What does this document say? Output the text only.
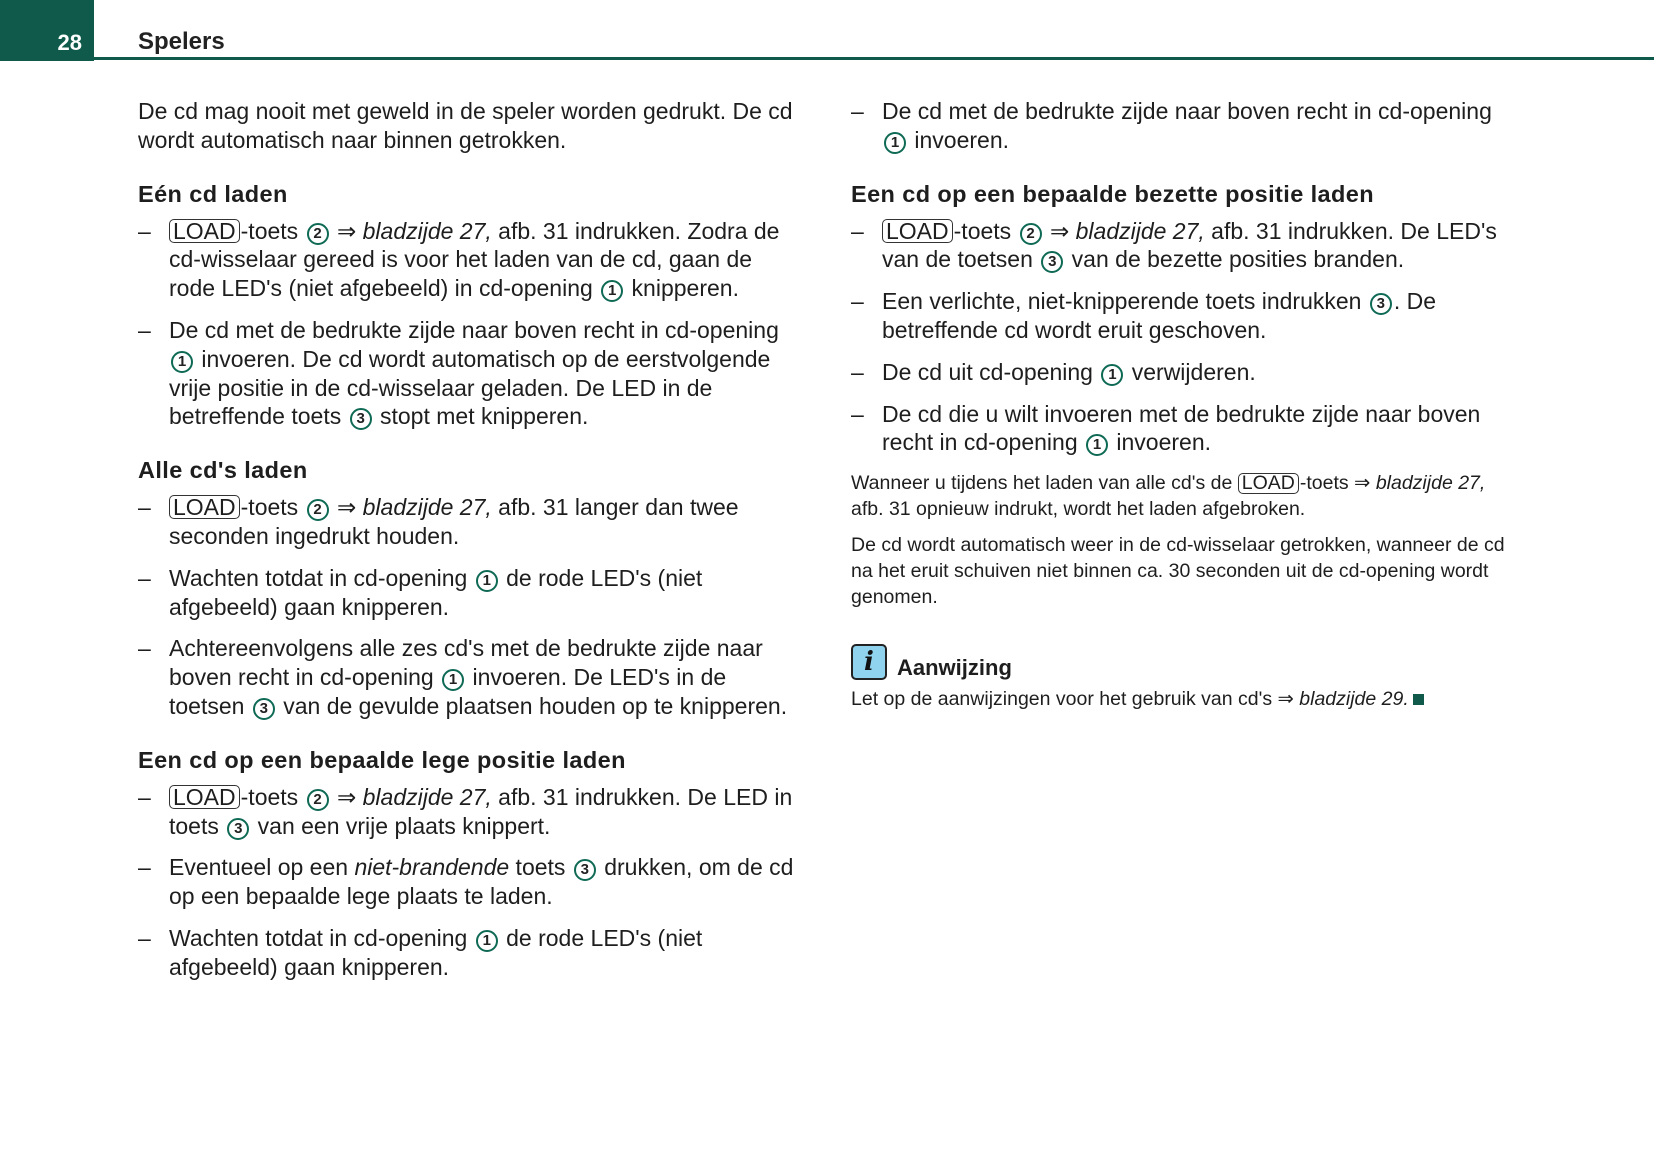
28 Spelers
De cd mag nooit met geweld in de speler worden gedrukt. De cd wordt automatisch naar binnen getrokken.
Eén cd laden
– LOAD -toets 2 ⇒ bladzijde 27, afb. 31 indrukken. Zodra de cd-wisselaar gereed is voor het laden van de cd, gaan de rode LED's (niet afgebeeld) in cd-opening 1 knipperen.
– De cd met de bedrukte zijde naar boven recht in cd-opening 1 invoeren. De cd wordt automatisch op de eerstvolgende vrije positie in de cd-wisselaar geladen. De LED in de betreffende toets 3 stopt met knipperen.
Alle cd's laden
– LOAD -toets 2 ⇒ bladzijde 27, afb. 31 langer dan twee seconden ingedrukt houden.
– Wachten totdat in cd-opening 1 de rode LED's (niet afgebeeld) gaan knipperen.
– Achtereenvolgens alle zes cd's met de bedrukte zijde naar boven recht in cd-opening 1 invoeren. De LED's in de toetsen 3 van de gevulde plaatsen houden op te knipperen.
Een cd op een bepaalde lege positie laden
– LOAD -toets 2 ⇒ bladzijde 27, afb. 31 indrukken. De LED in toets 3 van een vrije plaats knippert.
– Eventueel op een niet-brandende toets 3 drukken, om de cd op een bepaalde lege plaats te laden.
– Wachten totdat in cd-opening 1 de rode LED's (niet afgebeeld) gaan knipperen.
– De cd met de bedrukte zijde naar boven recht in cd-opening 1 invoeren.
Een cd op een bepaalde bezette positie laden
– LOAD -toets 2 ⇒ bladzijde 27, afb. 31 indrukken. De LED's van de toetsen 3 van de bezette posities branden.
– Een verlichte, niet-knipperende toets indrukken 3 . De betreffende cd wordt eruit geschoven.
– De cd uit cd-opening 1 verwijderen.
– De cd die u wilt invoeren met de bedrukte zijde naar boven recht in cd-opening 1 invoeren.
Wanneer u tijdens het laden van alle cd's de LOAD -toets ⇒ bladzijde 27, afb. 31 opnieuw indrukt, wordt het laden afgebroken.
De cd wordt automatisch weer in de cd-wisselaar getrokken, wanneer de cd na het eruit schuiven niet binnen ca. 30 seconden uit de cd-opening wordt genomen.
i	Aanwijzing
Let op de aanwijzingen voor het gebruik van cd's ⇒ bladzijde 29.
